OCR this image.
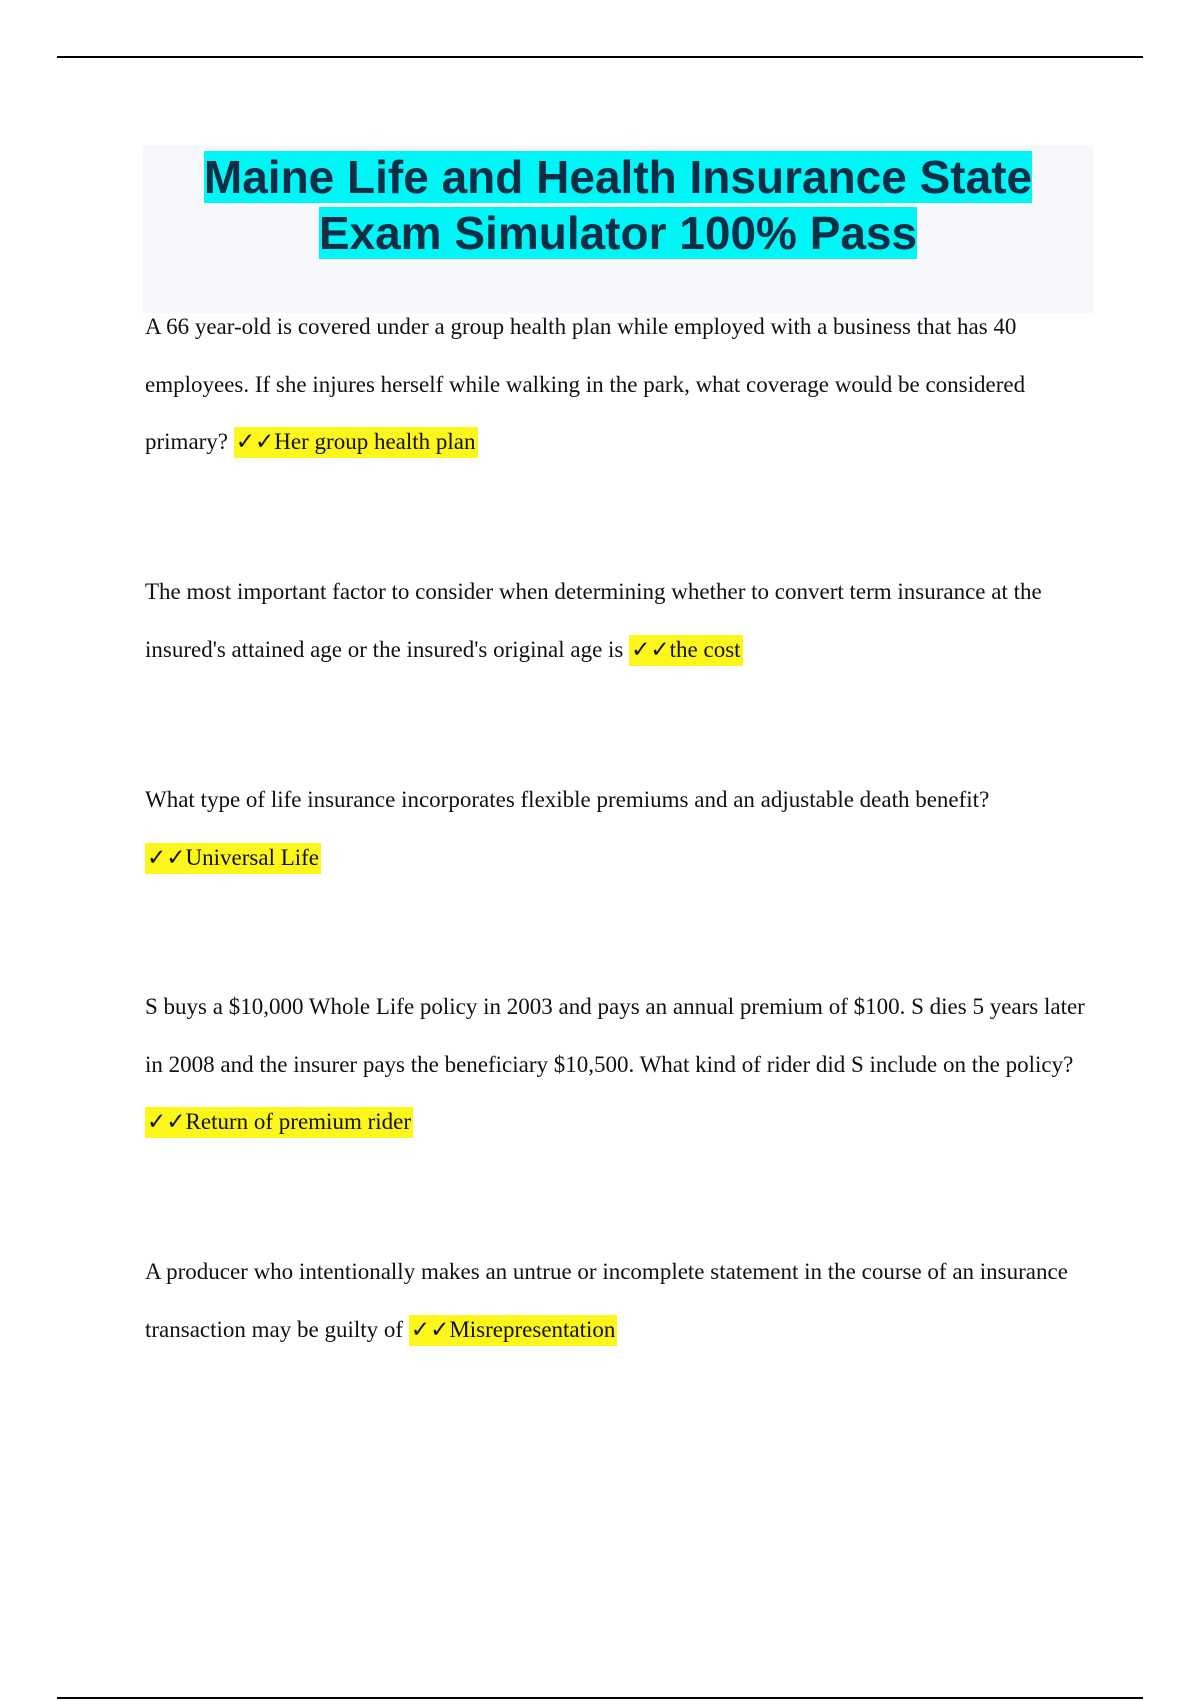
Maine Life and Health Insurance State
Exam Simulator 100% Pass

A 66 year-old is covered under a group health plan while employed with a business that has 40 employees. If she injures herself while walking in the park, what coverage would be considered primary? ✓✓Her group health plan

The most important factor to consider when determining whether to convert term insurance at the insured's attained age or the insured's original age is ✓✓the cost

What type of life insurance incorporates flexible premiums and an adjustable death benefit? ✓✓Universal Life

S buys a $10,000 Whole Life policy in 2003 and pays an annual premium of $100. S dies 5 years later in 2008 and the insurer pays the beneficiary $10,500. What kind of rider did S include on the policy? ✓✓Return of premium rider

A producer who intentionally makes an untrue or incomplete statement in the course of an insurance transaction may be guilty of ✓✓Misrepresentation
